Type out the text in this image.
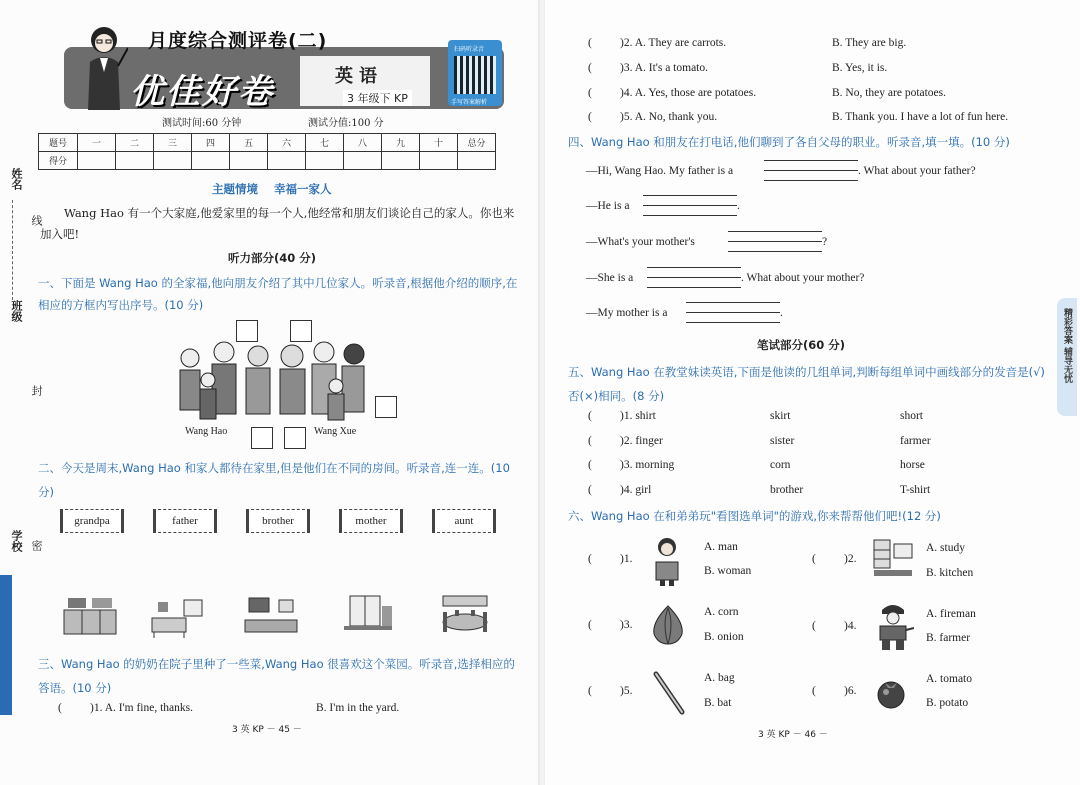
姓名
线
班级
封
学校 密
月度综合测评卷(二)
优佳好卷	英语
3 年级下 KP
扫码听录音
手写答案解析
测试时间:60 分钟	测试分值:100 分
题号	一	二	三	四	五	六	七	八	九	十	总分
得分											
主题情境    幸福一家人
Wang Hao 有一个大家庭,他爱家里的每一个人,他经常和朋友们谈论自己的家人。你也来加入吧!
听力部分(40 分)
一、下面是 Wang Hao 的全家福,他向朋友介绍了其中几位家人。听录音,根据他介绍的顺序,在相应的方框内写出序号。(10 分)
Wang Hao	Wang Xue
二、今天是周末,Wang Hao 和家人都待在家里,但是他们在不同的房间。听录音,连一连。(10 分)
grandpa	father	brother	mother	aunt
三、Wang Hao 的奶奶在院子里种了一些菜,Wang Hao 很喜欢这个菜园。听录音,选择相应的答语。(10 分)
( )1. A. I'm fine, thanks.	B. I'm in the yard.
3 英 KP － 45 －
( )2. A. They are carrots.	B. They are big.
( )3. A. It's a tomato.	B. Yes, it is.
( )4. A. Yes, those are potatoes.	B. No, they are potatoes.
( )5. A. No, thank you.	B. Thank you. I have a lot of fun here.
四、Wang Hao 和朋友在打电话,他们聊到了各自父母的职业。听录音,填一填。(10 分)
—Hi, Wang Hao. My father is a	. What about your father?
—He is a	.
—What's your mother's	?
—She is a	. What about your mother?
—My mother is a	.
笔试部分(60 分)
五、Wang Hao 在教堂妹读英语,下面是他读的几组单词,判断每组单词中画线部分的发音是(√)否(×)相同。(8 分)
( )1. shirt	skirt	short
( )2. finger	sister	farmer
( )3. morning	corn	horse
( )4. girl	brother	T-shirt
六、Wang Hao 在和弟弟玩"看图选单词"的游戏,你来帮帮他们吧!(12 分)
( )1.
A. man
B. woman
( )2.
A. study
B. kitchen
( )3.
A. corn
B. onion
( )4.
A. fireman
B. farmer
( )5.
A. bag
B. bat
( )6.
A. tomato
B. potato
3 英 KP － 46 －
精彩答案 辅导无忧
